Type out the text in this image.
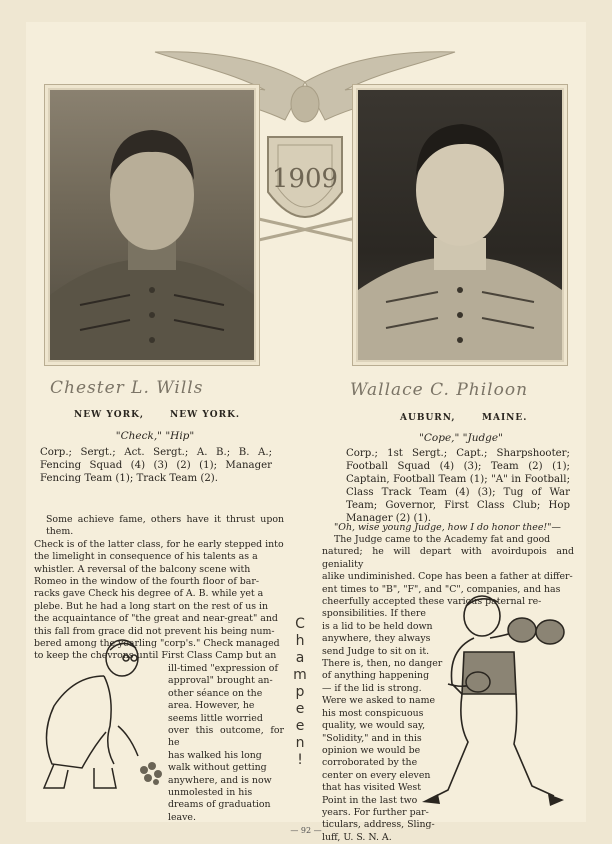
1909
Chester L. Wills	Wallace C. Philoon
NEW YORK,	NEW YORK.	AUBURN,	MAINE.
"Check," "Hip"	"Cope," "Judge"
Corp.; Sergt.; Act. Sergt.; A. B.; B. A.; Fencing Squad (4) (3) (2) (1); Manager Fencing Team (1); Track Team (2).
Corp.; 1st Sergt.; Capt.; Sharpshooter; Football Squad (4) (3); Team (2) (1); Captain, Football Team (1); "A" in Football; Class Track Team (4) (3); Tug of War Team; Governor, First Class Club; Hop Manager (2) (1).
Some achieve fame, others have it thrust upon them.
Check is of the latter class, for he early stepped into
the limelight in consequence of his talents as a
whistler. A reversal of the balcony scene with
Romeo in the window of the fourth floor of bar-
racks gave Check his degree of A. B. while yet a
plebe. But he had a long start on the rest of us in
the acquaintance of "the great and near-great" and
this fall from grace did not prevent his being num-
bered among the yearling "corp's." Check managed
to keep the chevrons until First Class Camp but an
ill-timed "expression of
approval" brought an-
other séance on the
area. However, he
seems little worried
over this outcome, for he
has walked his long
walk without getting
anywhere, and is now
unmolested in his
dreams of graduation
leave.
C
h
a
m
p
e
e
n
!
"Oh, wise young Judge, how I do honor thee!"—
The Judge came to the Academy fat and good
natured; he will depart with avoirdupois and geniality
alike undiminished. Cope has been a father at differ-
ent times to "B", "F", and "C", companies, and has
cheerfully accepted these various paternal re-
sponsibilities. If there
is a lid to be held down
anywhere, they always
send Judge to sit on it.
There is, then, no danger
of anything happening
— if the lid is strong.
Were we asked to name
his most conspicuous
quality, we would say,
"Solidity," and in this
opinion we would be
corroborated by the
center on every eleven
that has visited West
Point in the last two
years. For further par-
ticulars, address, Sling-
luff, U. S. N. A.
— 92 —
